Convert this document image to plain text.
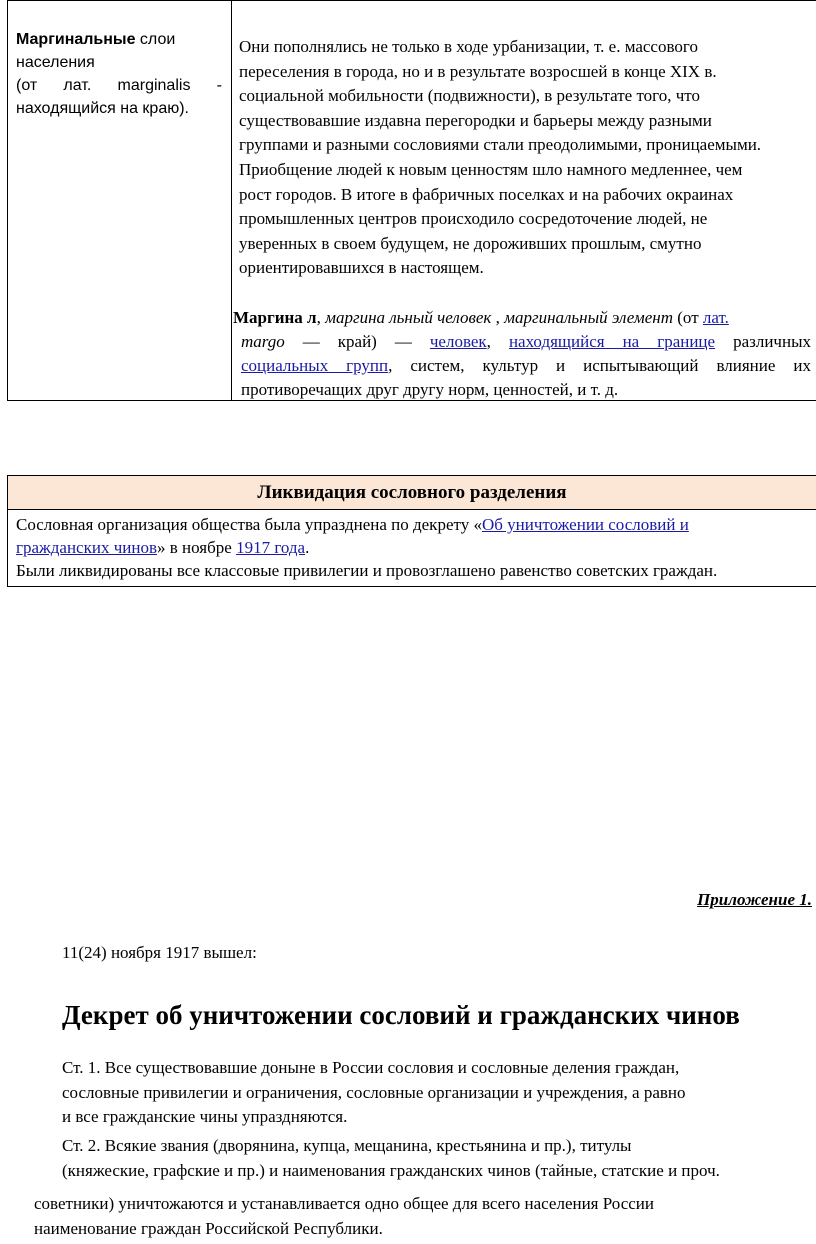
Маргинальные слои

населения

(от лат. marginalis -

находящийся на краю).

Они пополнялись не только в ходе урбанизации, т. е. массового
переселения в города, но и в результате возросшей в конце XIX в.
социальной мобильности (подвижности), в результате того, что
существовавшие издавна перегородки и барьеры между разными
группами и разными сословиями стали преодолимыми, проницаемыми.
Приобщение людей к новым ценностям шло намного медленнее, чем
рост городов. В итоге в фабричных поселках и на рабочих окраинах
промышленных центров происходило сосредоточение людей, не
уверенных в своем будущем, не дороживших прошлым, смутно
ориентировавшихся в настоящем.
Маргина л, маргина льный человек , маргинальный элемент (от лат.
margo — край) — человек, находящийся на границе различных
социальных групп, систем, культур и испытывающий влияние их
противоречащих друг другу норм, ценностей, и т. д.
Ликвидация сословного разделения
Сословная организация общества была упразднена по декрету «Об уничтожении сословий и
гражданских чинов» в ноябре 1917 года.
Были ликвидированы все классовые привилегии и провозглашено равенство советских граждан.
Приложение 1.
11(24) ноября 1917 вышел:
Декрет об уничтожении сословий и гражданских чинов
Ст. 1. Все существовавшие доныне в России сословия и сословные деления граждан,
сословные привилегии и ограничения, сословные организации и учреждения, а равно
и все гражданские чины упраздняются.
Ст. 2. Всякие звания (дворянина, купца, мещанина, крестьянина и пр.), титулы
(княжеские, графские и пр.) и наименования гражданских чинов (тайные, статские и проч.
советники) уничтожаются и устанавливается одно общее для всего населения России
наименование граждан Российской Республики.
